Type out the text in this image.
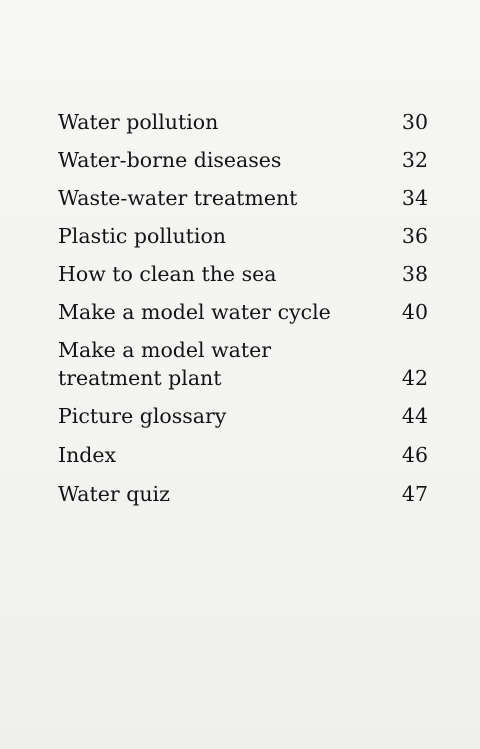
Water pollution	30
Water-borne diseases	32
Waste-water treatment	34
Plastic pollution	36
How to clean the sea	38
Make a model water cycle	40
Make a model water
treatment plant	42
Picture glossary	44
Index	46
Water quiz	47
